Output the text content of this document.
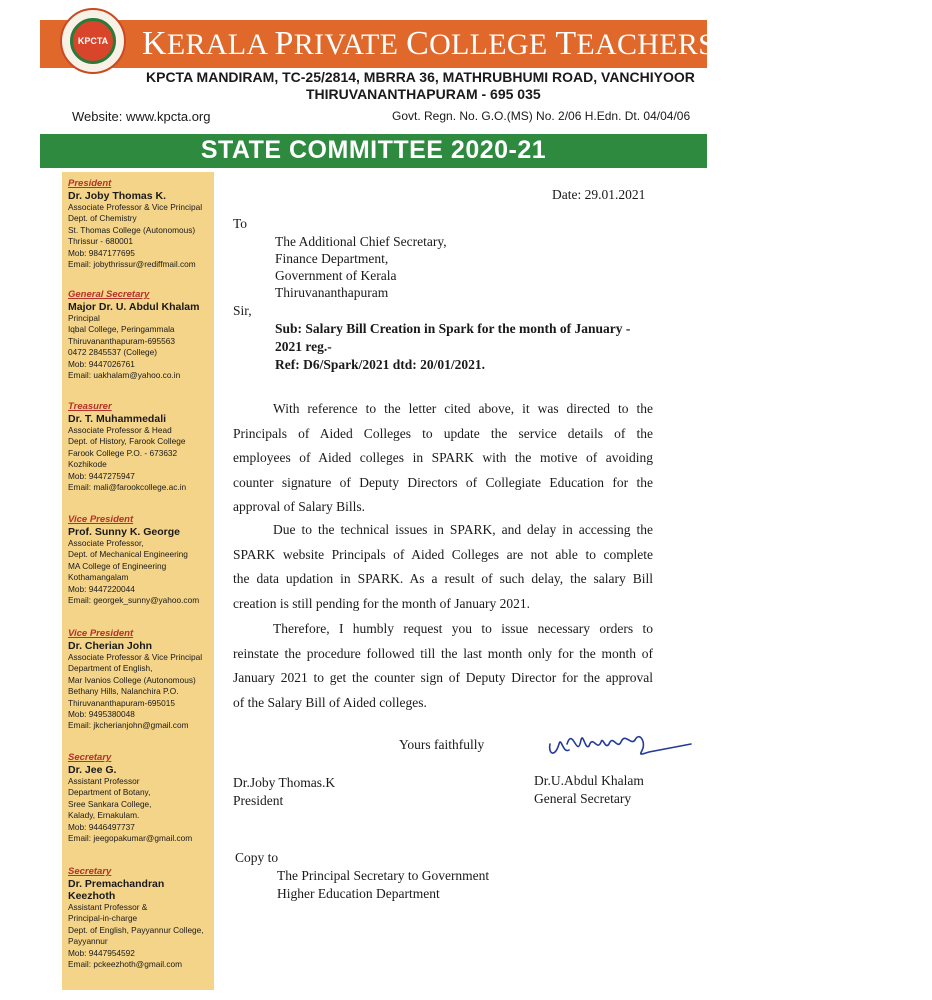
KPCTA KERALA PRIVATE COLLEGE TEACHERS' ASSOCIATION
KPCTA MANDIRAM, TC-25/2814, MBRRA 36, MATHRUBHUMI ROAD, VANCHIYOOR
THIRUVANANTHAPURAM - 695 035
Website: www.kpcta.org	Govt. Regn. No. G.O.(MS) No. 2/06 H.Edn. Dt. 04/04/06
STATE COMMITTEE 2020-21
President
Dr. Joby Thomas K.
Associate Professor & Vice Principal
Dept. of Chemistry
St. Thomas College (Autonomous)
Thrissur - 680001
Mob: 9847177695
Email: jobythrissur@rediffmail.com
General Secretary
Major Dr. U. Abdul Khalam
Principal
Iqbal College, Peringammala
Thiruvananthapuram-695563
0472 2845537 (College)
Mob: 9447026761
Email: uakhalam@yahoo.co.in
Treasurer
Dr. T. Muhammedali
Associate Professor & Head
Dept. of History, Farook College
Farook College P.O. - 673632
Kozhikode
Mob: 9447275947
Email: mali@farookcollege.ac.in
Vice President
Prof. Sunny K. George
Associate Professor,
Dept. of Mechanical Engineering
MA College of Engineering
Kothamangalam
Mob: 9447220044
Email: georgek_sunny@yahoo.com
Vice President
Dr. Cherian John
Associate Professor & Vice Principal
Department of English,
Mar Ivanios College (Autonomous)
Bethany Hills, Nalanchira P.O.
Thiruvananthapuram-695015
Mob: 9495380048
Email: jkcherianjohn@gmail.com
Secretary
Dr. Jee G.
Assistant Professor
Department of Botany,
Sree Sankara College,
Kalady, Ernakulam.
Mob: 9446497737
Email: jeegopakumar@gmail.com
Secretary
Dr. Premachandran Keezhoth
Assistant Professor &
Principal-in-charge
Dept. of English, Payyannur College,
Payyannur
Mob: 9447954592
Email: pckeezhoth@gmail.com
Date: 29.01.2021
To
The Additional Chief Secretary,
Finance Department,
Government of Kerala
Thiruvananthapuram
Sir,
Sub: Salary Bill Creation in Spark for the month of January -
2021 reg.-
Ref: D6/Spark/2021 dtd: 20/01/2021.
With reference to the letter cited above, it was directed to the
Principals of Aided Colleges to update the service details of the
employees of Aided colleges in SPARK with the motive of avoiding
counter signature of Deputy Directors of Collegiate Education for the
approval of Salary Bills.
Due to the technical issues in SPARK, and delay in accessing the
SPARK website Principals of Aided Colleges are not able to complete
the data updation in SPARK. As a result of such delay, the salary Bill
creation is still pending for the month of January 2021.
Therefore, I humbly request you to issue necessary orders to
reinstate the procedure followed till the last month only for the month of
January 2021 to get the counter sign of Deputy Director for the approval
of the Salary Bill of Aided colleges.
Yours faithfully
Dr.Joby Thomas.K
President
Dr.U.Abdul Khalam
General Secretary
Copy to
The Principal Secretary to Government
Higher Education Department
